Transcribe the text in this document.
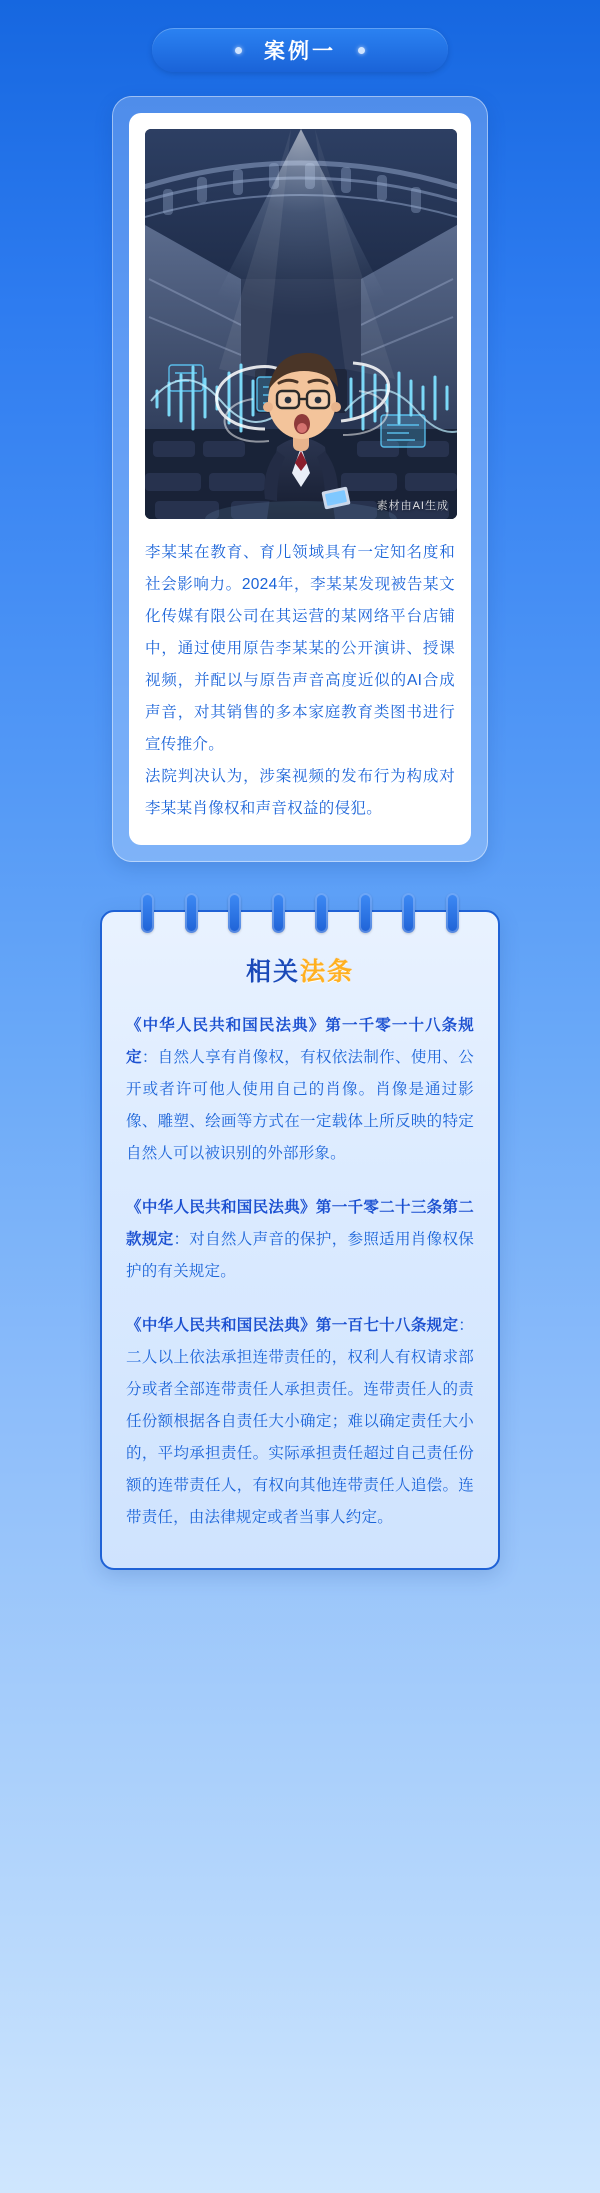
案例一
素材由AI生成

李某某在教育、育儿领域具有一定知名度和社会影响力。2024年，李某某发现被告某文化传媒有限公司在其运营的某网络平台店铺中，通过使用原告李某某的公开演讲、授课视频，并配以与原告声音高度近似的AI合成声音，对其销售的多本家庭教育类图书进行宣传推介。

法院判决认为，涉案视频的发布行为构成对李某某肖像权和声音权益的侵犯。

相关法条

《中华人民共和国民法典》第一千零一十八条规定：自然人享有肖像权，有权依法制作、使用、公开或者许可他人使用自己的肖像。肖像是通过影像、雕塑、绘画等方式在一定载体上所反映的特定自然人可以被识别的外部形象。

《中华人民共和国民法典》第一千零二十三条第二款规定：对自然人声音的保护，参照适用肖像权保护的有关规定。

《中华人民共和国民法典》第一百七十八条规定：二人以上依法承担连带责任的，权利人有权请求部分或者全部连带责任人承担责任。连带责任人的责任份额根据各自责任大小确定；难以确定责任大小的，平均承担责任。实际承担责任超过自己责任份额的连带责任人，有权向其他连带责任人追偿。连带责任，由法律规定或者当事人约定。
